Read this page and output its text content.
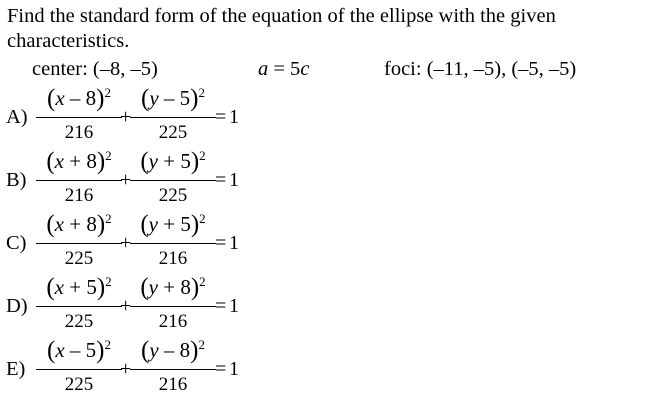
Find the standard form of the equation of the ellipse with the given
characteristics.
center: (–8, –5)	a = 5c	foci: (–11, –5), (–5, –5)
A)
(x – 8)$^2$
216
+
(y – 5)$^2$
225
= 1
B)
$(x + 8)^2$
216
+
$(y + 5)^2$
225
= 1
C)
$(x + 8)^2$
225
+
$(y + 5)^2$
216
= 1
D)
$(x + 5)^2$
225
+
$(y + 8)^2$
216
= 1
E)
(x – 5)$^2$
225
+
(y – 8)$^2$
216
= 1
